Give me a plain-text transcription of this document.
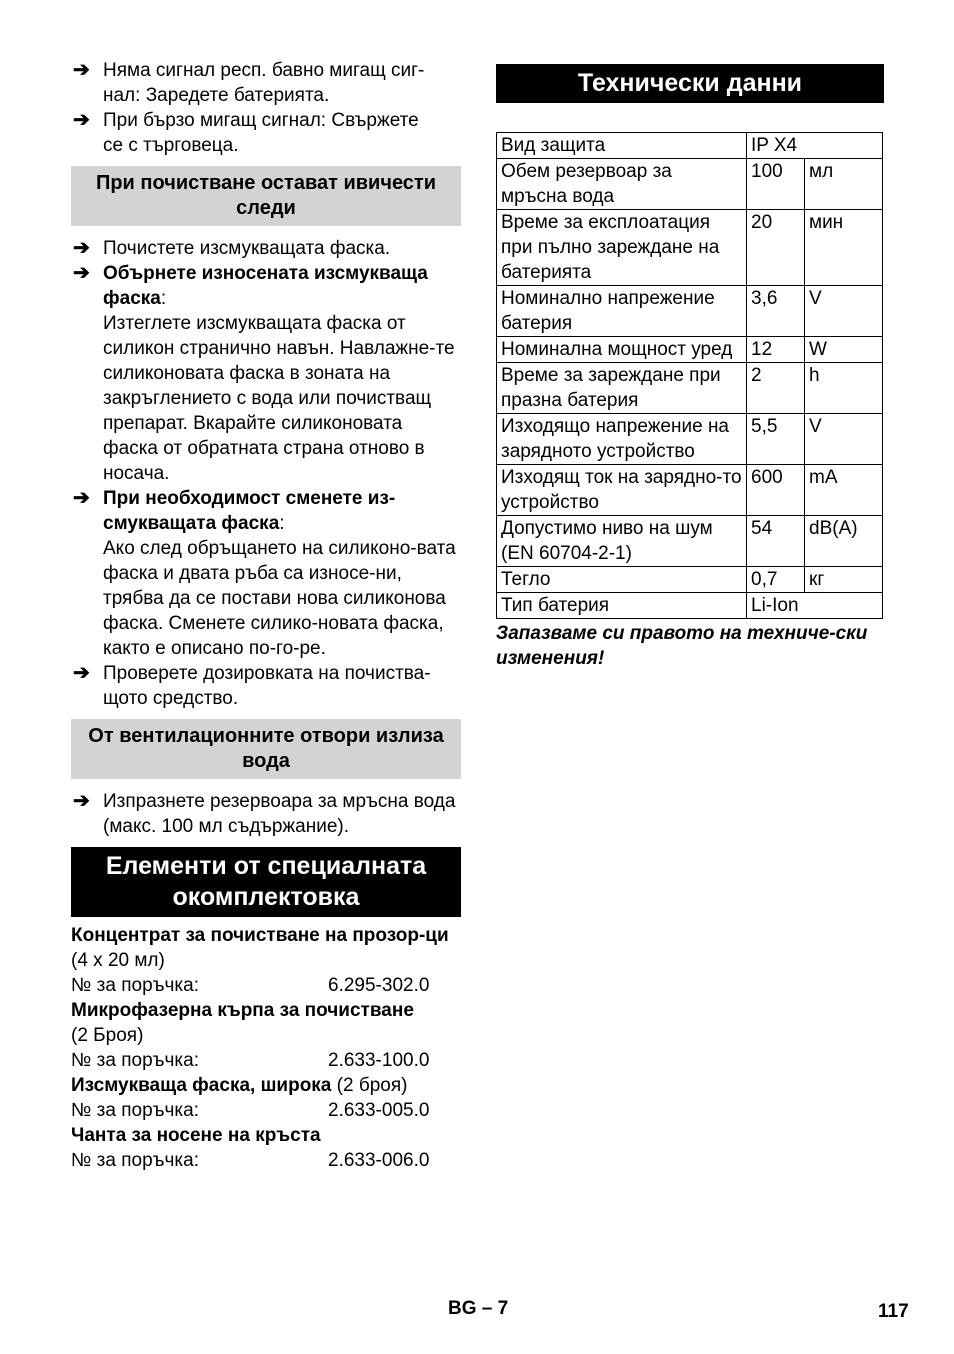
➔ Няма сигнал респ. бавно мигащ сиг-
нал: Заредете батерията.

➔ При бързо мигащ сигнал: Свържете
се с търговеца.

При почистване остават ивичести следи
➔ Почистете изсмукващата фаска.

➔ Обърнете износената изсмукваща фаска:

Изтеглете изсмукващата фаска от силикон странично навън. Навлажне-те силиконовата фаска в зоната на закръглението с вода или почистващ препарат. Вкарайте силиконовата фаска от обратната страна отново в носача.

➔ При необходимост сменете из-смукващата фаска:

Ако след обръщането на силиконо-вата фаска и двата ръба са износе-ни, трябва да се постави нова силиконова фаска. Сменете силико-новата фаска, както е описано по-го-ре.

➔ Проверете дозировката на почиства-щото средство.

От вентилационните отвори излиза вода
➔ Изпразнете резервоара за мръсна вода (макс. 100 мл съдържание).

Елементи от специалната окомплектовка
Концентрат за почистване на прозор-ци (4 x 20 мл)
№ за поръчка:	6.295-302.0
Микрофазерна кърпа за почистване
(2 Броя)
№ за поръчка:	2.633-100.0
Изсмукваща фаска, широка (2 броя)
№ за поръчка:	2.633-005.0
Чанта за носене на кръста
№ за поръчка:	2.633-006.0
Технически данни
Вид защита	IP X4	
Обем резервоар за мръсна вода	100	мл
Време за експлоатация при пълно зареждане на батерията	20	мин
Номинално напрежение батерия	3,6	V
Номинална мощност уред	12	W
Време за зареждане при празна батерия	2	h
Изходящо напрежение на зарядното устройство	5,5	V
Изходящ ток на зарядно-то устройство	600	mA
Допустимо ниво на шум (EN 60704-2-1)	54	dB(A)
Тегло	0,7	кг
Тип батерия	Li-Ion	
Запазваме си правото на техниче-ски изменения!
BG – 7	117
